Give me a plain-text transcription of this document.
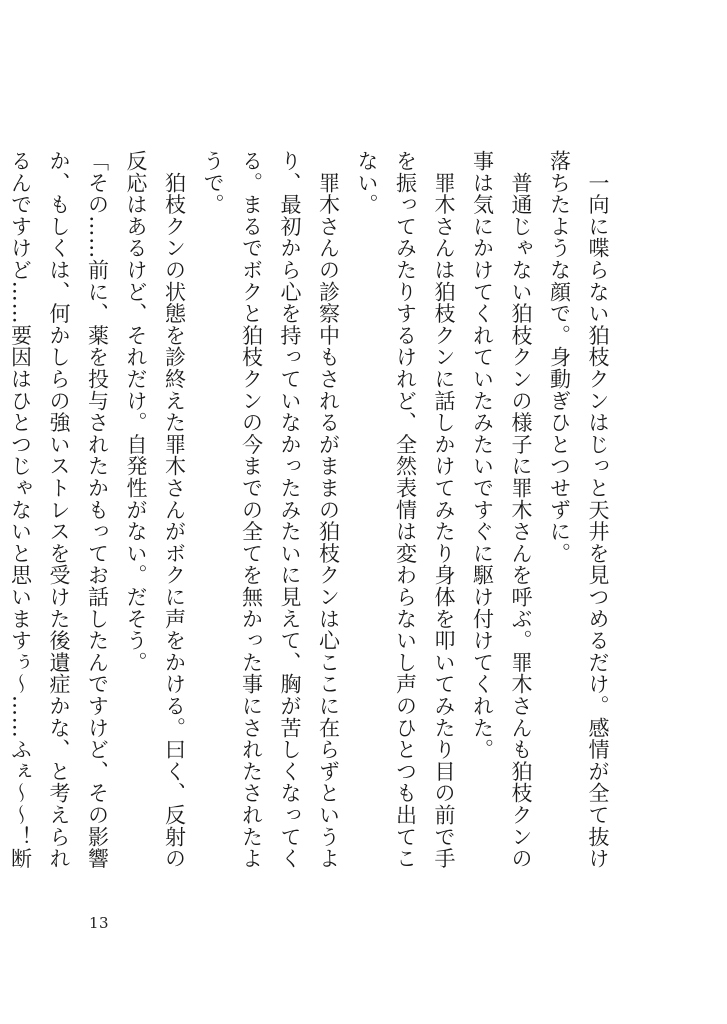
　一向に喋らない狛枝クンはじっと天井を見つめるだけ。感情が全て抜け落ちたような顔で。身動ぎひとつせずに。

　普通じゃない狛枝クンの様子に罪木さんを呼ぶ。罪木さんも狛枝クンの事は気にかけてくれていたみたいですぐに駆け付けてくれた。

　罪木さんは狛枝クンに話しかけてみたり身体を叩いてみたり目の前で手を振ってみたりするけれど、全然表情は変わらないし声のひとつも出てこない。

　罪木さんの診察中もされるがままの狛枝クンは心ここに在らずというより、最初から心を持っていなかったみたいに見えて、胸が苦しくなってくる。まるでボクと狛枝クンの今までの全てを無かった事にされたされたようで。

　狛枝クンの状態を診終えた罪木さんがボクに声をかける。曰く、反射の反応はあるけど、それだけ。自発性がない。だそう。

「その……前に、薬を投与されたかもってお話したんですけど、その影響か、もしくは、何かしらの強いストレスを受けた後遺症かな、と考えられるんですけど……要因はひとつじゃないと思いますぅ〜……ふぇ〜〜！断

13
